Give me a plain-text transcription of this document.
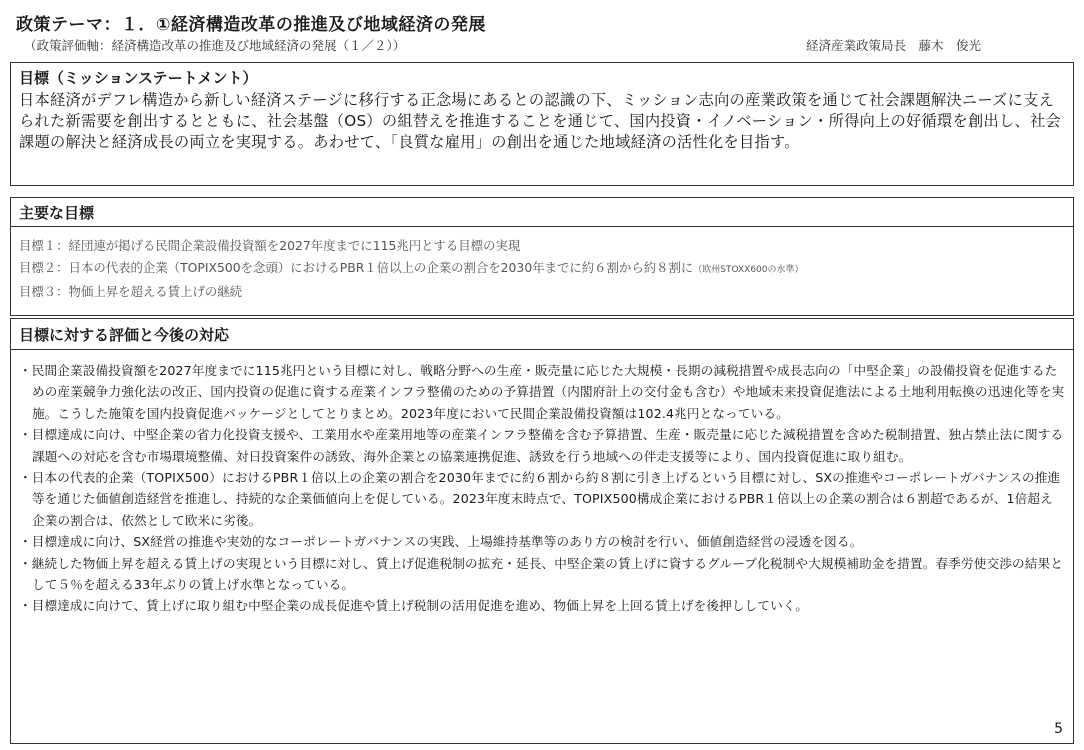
政策テーマ：１．①経済構造改革の推進及び地域経済の発展
（政策評価軸：経済構造改革の推進及び地域経済の発展（１／２））	経済産業政策局長　藤木　俊光
目標（ミッションステートメント）
日本経済がデフレ構造から新しい経済ステージに移行する正念場にあるとの認識の下、ミッション志向の産業政策を通じて社会課題解決ニーズに支えられた新需要を創出するとともに、社会基盤（OS）の組替えを推進することを通じて、国内投資・イノベーション・所得向上の好循環を創出し、社会課題の解決と経済成長の両立を実現する。あわせて、「良質な雇用」の創出を通じた地域経済の活性化を目指す。
主要な目標
目標１：経団連が掲げる民間企業設備投資額を2027年度までに115兆円とする目標の実現
目標２：日本の代表的企業（TOPIX500を念頭）におけるPBR１倍以上の企業の割合を2030年までに約６割から約８割に（欧州STOXX600の水準）
目標３：物価上昇を超える賃上げの継続
目標に対する評価と今後の対応

・民間企業設備投資額を2027年度までに115兆円という目標に対し、戦略分野への生産・販売量に応じた大規模・長期の減税措置や成長志向の「中堅企業」の設備投資を促進するための産業競争力強化法の改正、国内投資の促進に資する産業インフラ整備のための予算措置（内閣府計上の交付金も含む）や地域未来投資促進法による土地利用転換の迅速化等を実施。こうした施策を国内投資促進パッケージとしてとりまとめ。2023年度において民間企業設備投資額は102.4兆円となっている。

・目標達成に向け、中堅企業の省力化投資支援や、工業用水や産業用地等の産業インフラ整備を含む予算措置、生産・販売量に応じた減税措置を含めた税制措置、独占禁止法に関する課題への対応を含む市場環境整備、対日投資案件の誘致、海外企業との協業連携促進、誘致を行う地域への伴走支援等により、国内投資促進に取り組む。

・日本の代表的企業（TOPIX500）におけるPBR１倍以上の企業の割合を2030年までに約６割から約８割に引き上げるという目標に対し、SXの推進やコーポレートガバナンスの推進等を通じた価値創造経営を推進し、持続的な企業価値向上を促している。2023年度末時点で、TOPIX500構成企業におけるPBR１倍以上の企業の割合は６割超であるが、1倍超え企業の割合は、依然として欧米に劣後。

・目標達成に向け、SX経営の推進や実効的なコーポレートガバナンスの実践、上場維持基準等のあり方の検討を行い、価値創造経営の浸透を図る。

・継続した物価上昇を超える賃上げの実現という目標に対し、賃上げ促進税制の拡充・延長、中堅企業の賃上げに資するグループ化税制や大規模補助金を措置。春季労使交渉の結果として５％を超える33年ぶりの賃上げ水準となっている。

・目標達成に向けて、賃上げに取り組む中堅企業の成長促進や賃上げ税制の活用促進を進め、物価上昇を上回る賃上げを後押ししていく。

5
